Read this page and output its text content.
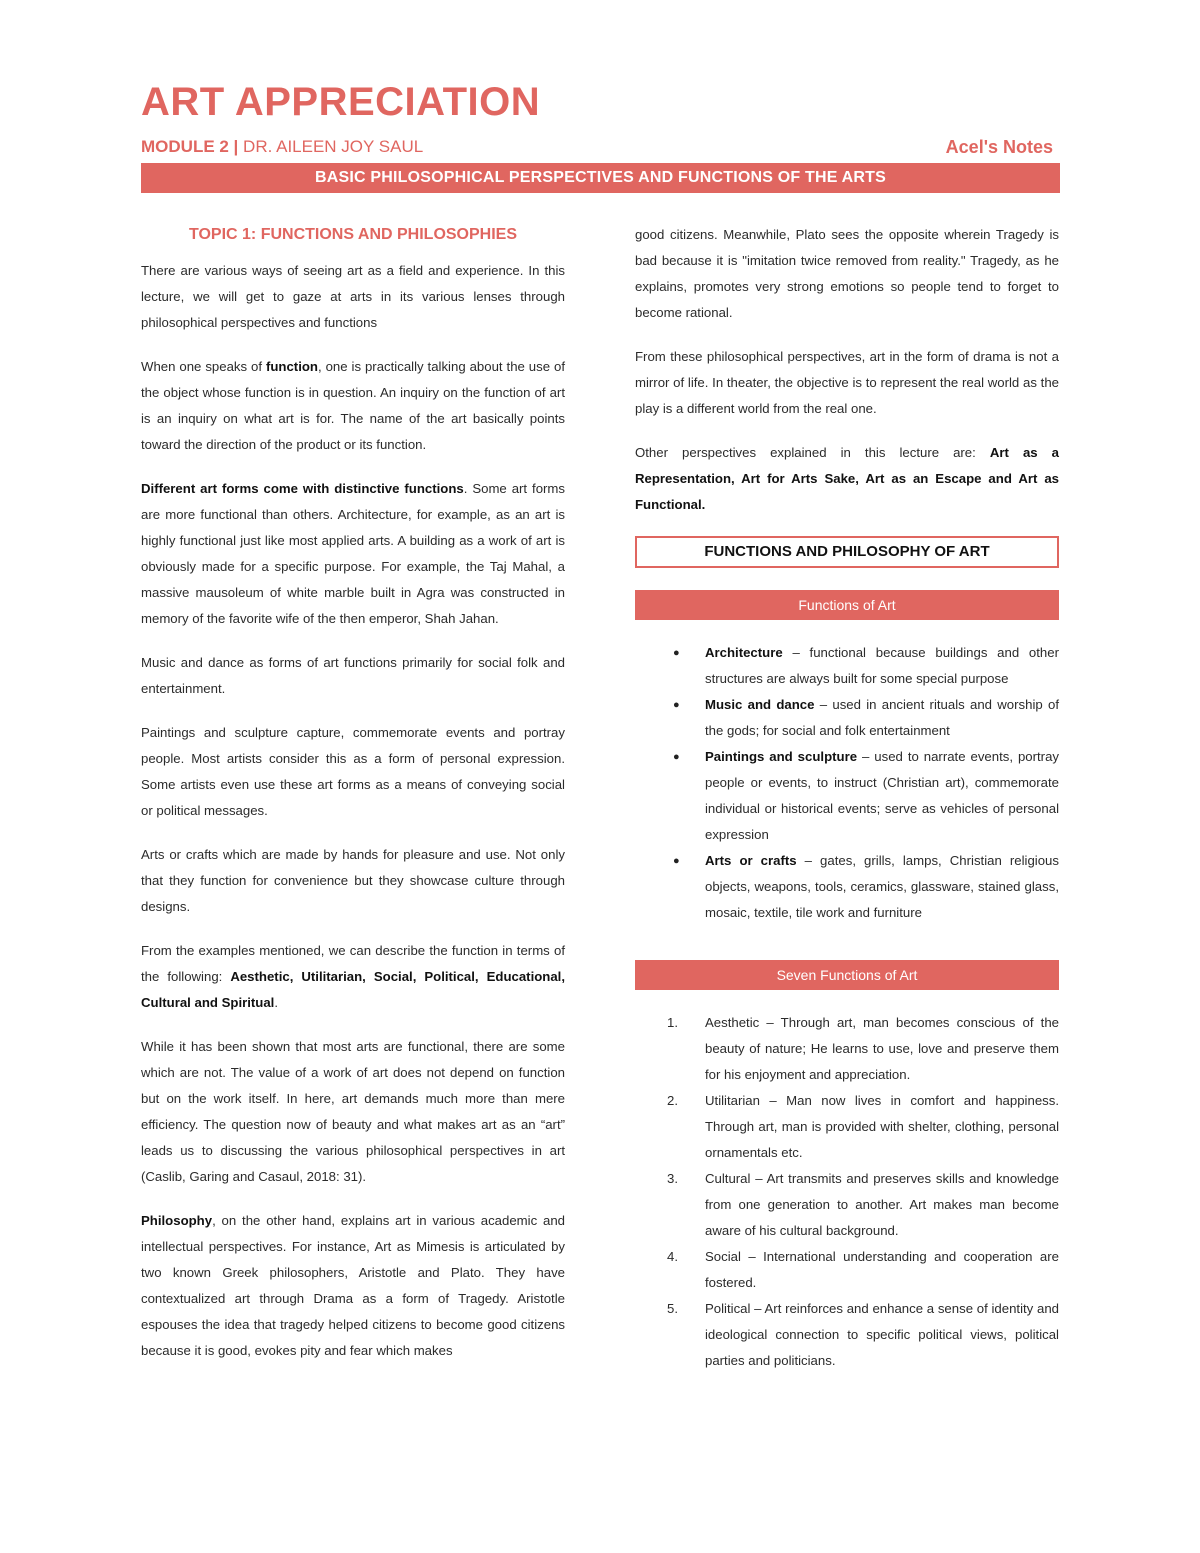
ART APPRECIATION
MODULE 2 | DR. AILEEN JOY SAUL	Acel's Notes
BASIC PHILOSOPHICAL PERSPECTIVES AND FUNCTIONS OF THE ARTS
TOPIC 1: FUNCTIONS AND PHILOSOPHIES

There are various ways of seeing art as a field and experience. In this lecture, we will get to gaze at arts in its various lenses through philosophical perspectives and functions

When one speaks of function, one is practically talking about the use of the object whose function is in question. An inquiry on the function of art is an inquiry on what art is for. The name of the art basically points toward the direction of the product or its function.

Different art forms come with distinctive functions. Some art forms are more functional than others. Architecture, for example, as an art is highly functional just like most applied arts. A building as a work of art is obviously made for a specific purpose. For example, the Taj Mahal, a massive mausoleum of white marble built in Agra was constructed in memory of the favorite wife of the then emperor, Shah Jahan.

Music and dance as forms of art functions primarily for social folk and entertainment.

Paintings and sculpture capture, commemorate events and portray people. Most artists consider this as a form of personal expression. Some artists even use these art forms as a means of conveying social or political messages.

Arts or crafts which are made by hands for pleasure and use. Not only that they function for convenience but they showcase culture through designs.

From the examples mentioned, we can describe the function in terms of the following: Aesthetic, Utilitarian, Social, Political, Educational, Cultural and Spiritual.

While it has been shown that most arts are functional, there are some which are not. The value of a work of art does not depend on function but on the work itself. In here, art demands much more than mere efficiency. The question now of beauty and what makes art as an “art” leads us to discussing the various philosophical perspectives in art (Caslib, Garing and Casaul, 2018: 31).

Philosophy, on the other hand, explains art in various academic and intellectual perspectives. For instance, Art as Mimesis is articulated by two known Greek philosophers, Aristotle and Plato. They have contextualized art through Drama as a form of Tragedy. Aristotle espouses the idea that tragedy helped citizens to become good citizens because it is good, evokes pity and fear which makes

good citizens. Meanwhile, Plato sees the opposite wherein Tragedy is bad because it is "imitation twice removed from reality." Tragedy, as he explains, promotes very strong emotions so people tend to forget to become rational.

From these philosophical perspectives, art in the form of drama is not a mirror of life. In theater, the objective is to represent the real world as the play is a different world from the real one.

Other perspectives explained in this lecture are: Art as a Representation, Art for Arts Sake, Art as an Escape and Art as Functional.

FUNCTIONS AND PHILOSOPHY OF ART
Functions of Art
● Architecture – functional because buildings and other structures are always built for some special purpose
● Music and dance – used in ancient rituals and worship of the gods; for social and folk entertainment
● Paintings and sculpture – used to narrate events, portray people or events, to instruct (Christian art), commemorate individual or historical events; serve as vehicles of personal expression
● Arts or crafts – gates, grills, lamps, Christian religious objects, weapons, tools, ceramics, glassware, stained glass, mosaic, textile, tile work and furniture
Seven Functions of Art
1. Aesthetic – Through art, man becomes conscious of the beauty of nature; He learns to use, love and preserve them for his enjoyment and appreciation.
2. Utilitarian – Man now lives in comfort and happiness. Through art, man is provided with shelter, clothing, personal ornamentals etc.
3. Cultural – Art transmits and preserves skills and knowledge from one generation to another. Art makes man become aware of his cultural background.
4. Social – International understanding and cooperation are fostered.
5. Political – Art reinforces and enhance a sense of identity and ideological connection to specific political views, political parties and politicians.
